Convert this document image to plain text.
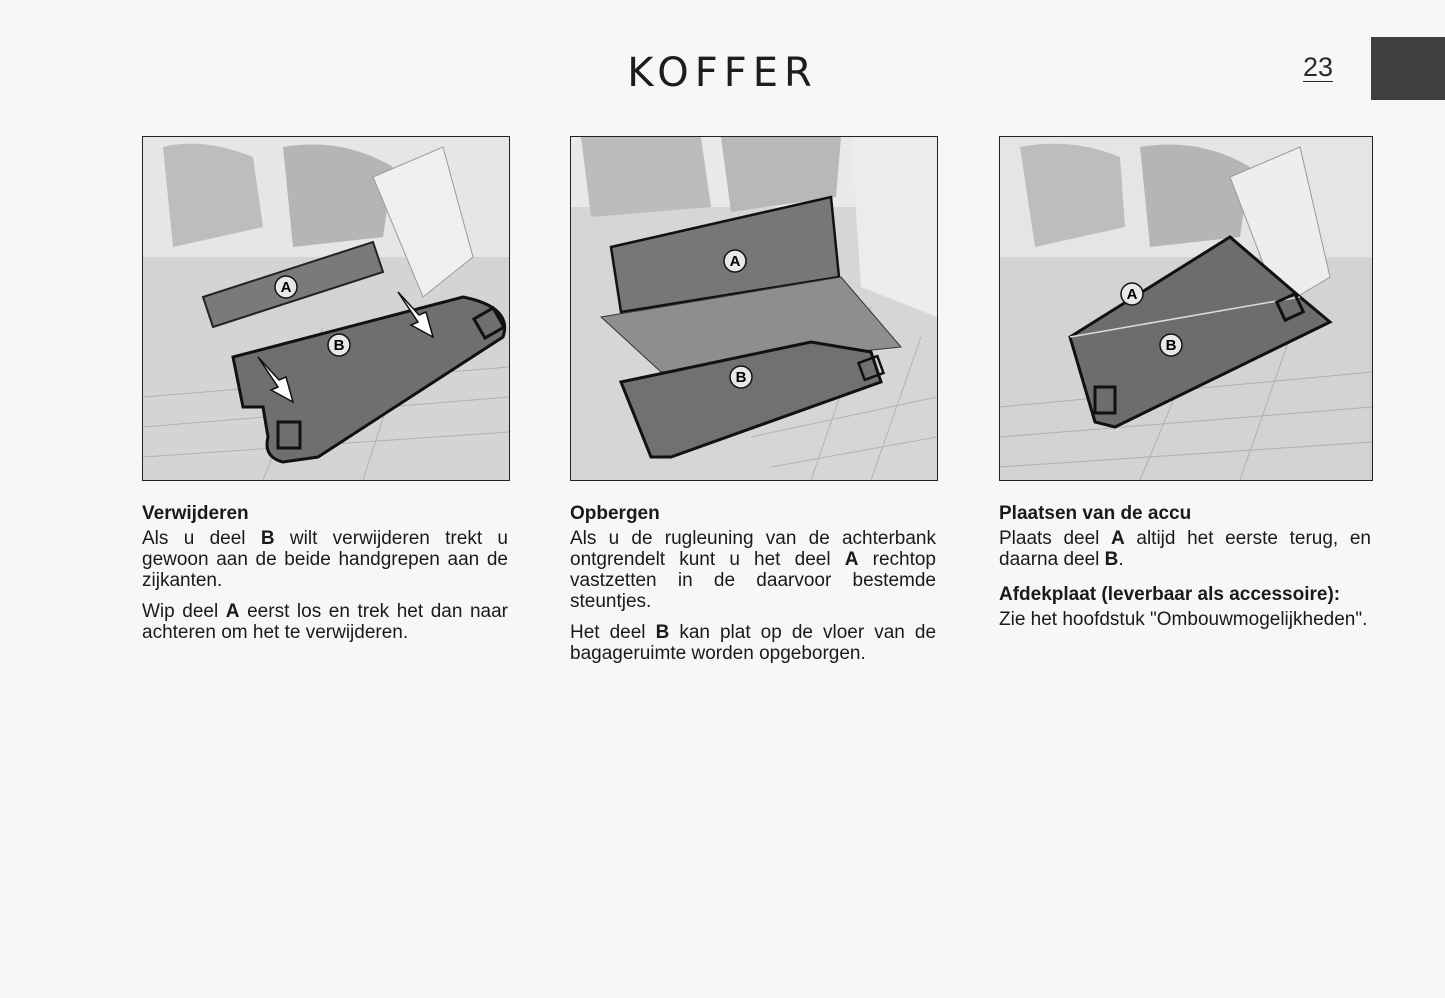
KOFFER	23
A
B
A
B
A
B
Verwijderen

Als u deel B wilt verwijderen trekt u gewoon aan de beide handgrepen aan de zijkanten.

Wip deel A eerst los en trek het dan naar achteren om het te verwijderen.

Opbergen

Als u de rugleuning van de achterbank ontgrendelt kunt u het deel A rechtop vastzetten in de daarvoor bestemde steuntjes.

Het deel B kan plat op de vloer van de bagageruimte worden opgeborgen.

Plaatsen van de accu

Plaats deel A altijd het eerste terug, en daarna deel B.

Afdekplaat (leverbaar als accessoire):

Zie het hoofdstuk "Ombouwmogelijkheden".
